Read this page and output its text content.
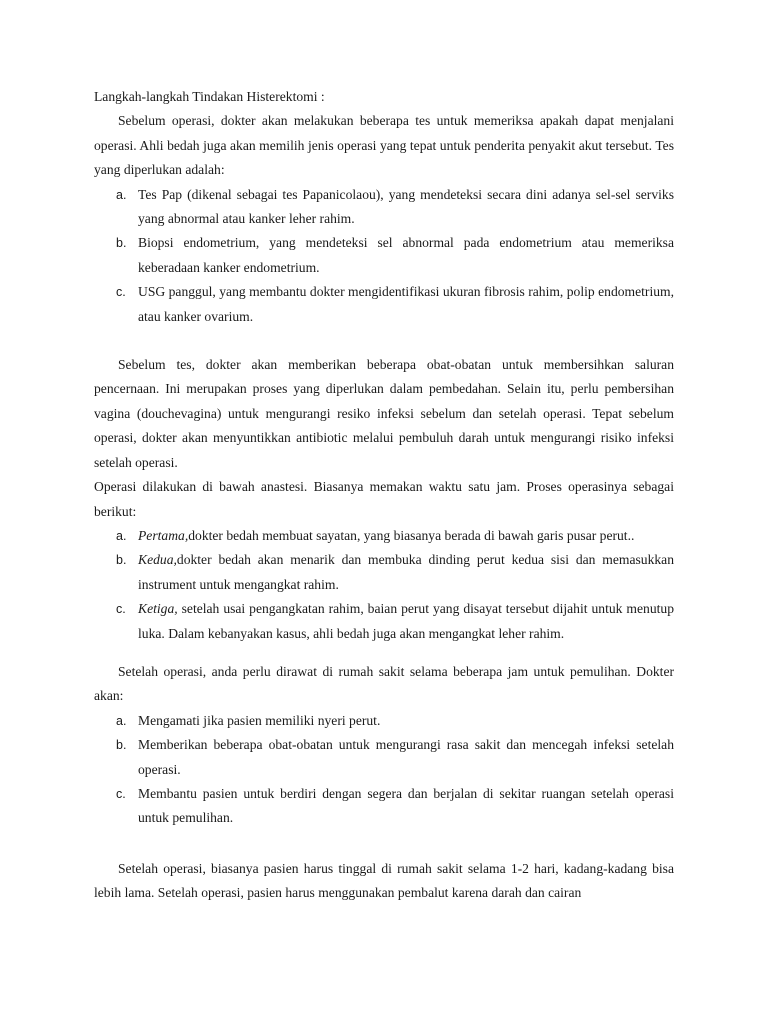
Langkah-langkah Tindakan Histerektomi :

Sebelum operasi, dokter akan melakukan beberapa tes untuk memeriksa apakah dapat menjalani operasi. Ahli bedah juga akan memilih jenis operasi yang tepat untuk penderita penyakit akut tersebut. Tes yang diperlukan adalah:

a. Tes Pap (dikenal sebagai tes Papanicolaou), yang mendeteksi secara dini adanya sel-sel serviks yang abnormal atau kanker leher rahim.
b. Biopsi endometrium, yang mendeteksi sel abnormal pada endometrium atau memeriksa keberadaan kanker endometrium.
c. USG panggul, yang membantu dokter mengidentifikasi ukuran fibrosis rahim, polip endometrium, atau kanker ovarium.

Sebelum tes, dokter akan memberikan beberapa obat-obatan untuk membersihkan saluran pencernaan. Ini merupakan proses yang diperlukan dalam pembedahan. Selain itu, perlu pembersihan vagina (douchevagina) untuk mengurangi resiko infeksi sebelum dan setelah operasi. Tepat sebelum operasi, dokter akan menyuntikkan antibiotic melalui pembuluh darah untuk mengurangi risiko infeksi setelah operasi.

Operasi dilakukan di bawah anastesi. Biasanya memakan waktu satu jam. Proses operasinya sebagai berikut:

a. Pertama,dokter bedah membuat sayatan, yang biasanya berada di bawah garis pusar perut..
b. Kedua,dokter bedah akan menarik dan membuka dinding perut kedua sisi dan memasukkan instrument untuk mengangkat rahim.
c. Ketiga, setelah usai pengangkatan rahim, baian perut yang disayat tersebut dijahit untuk menutup luka. Dalam kebanyakan kasus, ahli bedah juga akan mengangkat leher rahim.

Setelah operasi, anda perlu dirawat di rumah sakit selama beberapa jam untuk pemulihan. Dokter akan:

a. Mengamati jika pasien memiliki nyeri perut.
b. Memberikan beberapa obat-obatan untuk mengurangi rasa sakit dan mencegah infeksi setelah operasi.
c. Membantu pasien untuk berdiri dengan segera dan berjalan di sekitar ruangan setelah operasi untuk pemulihan.

Setelah operasi, biasanya pasien harus tinggal di rumah sakit selama 1-2 hari, kadang-kadang bisa lebih lama. Setelah operasi, pasien harus menggunakan pembalut karena darah dan cairan
